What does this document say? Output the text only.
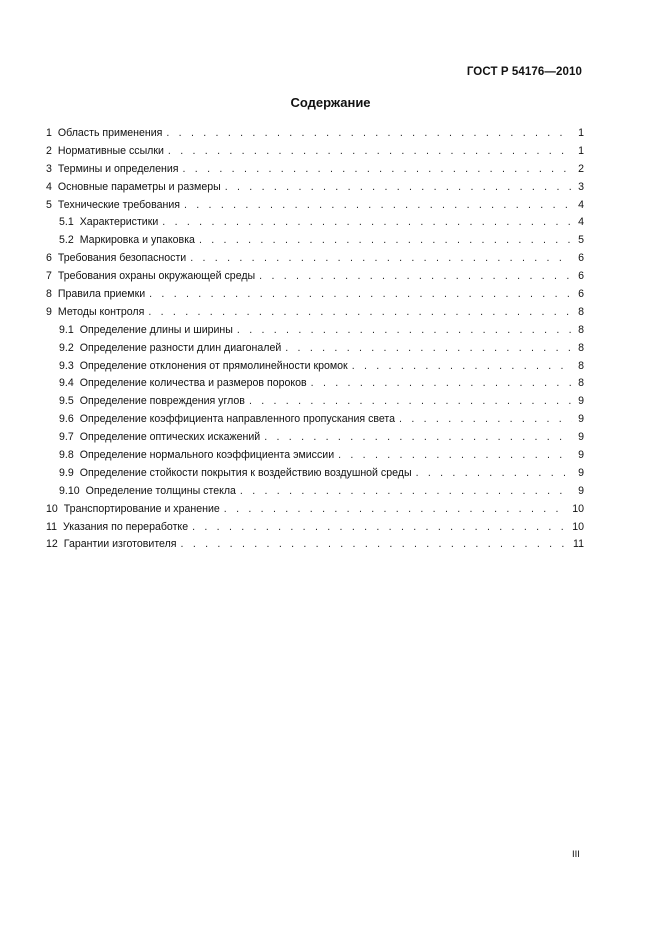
ГОСТ Р 54176—2010
Содержание
1 Область применения . . .	1
2 Нормативные ссылки . . .	1
3 Термины и определения . . .	2
4 Основные параметры и размеры . . .	3
5 Технические требования . . .	4
5.1 Характеристики . . .	4
5.2 Маркировка и упаковка . . .	5
6 Требования безопасности . . .	6
7 Требования охраны окружающей среды . . .	6
8 Правила приемки . . .	6
9 Методы контроля . . .	8
9.1 Определение длины и ширины . . .	8
9.2 Определение разности длин диагоналей . . .	8
9.3 Определение отклонения от прямолинейности кромок . . .	8
9.4 Определение количества и размеров пороков . . .	8
9.5 Определение повреждения углов . . .	9
9.6 Определение коэффициента направленного пропускания света . . .	9
9.7 Определение оптических искажений . . .	9
9.8 Определение нормального коэффициента эмиссии . . .	9
9.9 Определение стойкости покрытия к воздействию воздушной среды . . .	9
9.10 Определение толщины стекла . . .	9
10 Транспортирование и хранение . . .	10
11 Указания по переработке . . .	10
12 Гарантии изготовителя . . .	11
III
